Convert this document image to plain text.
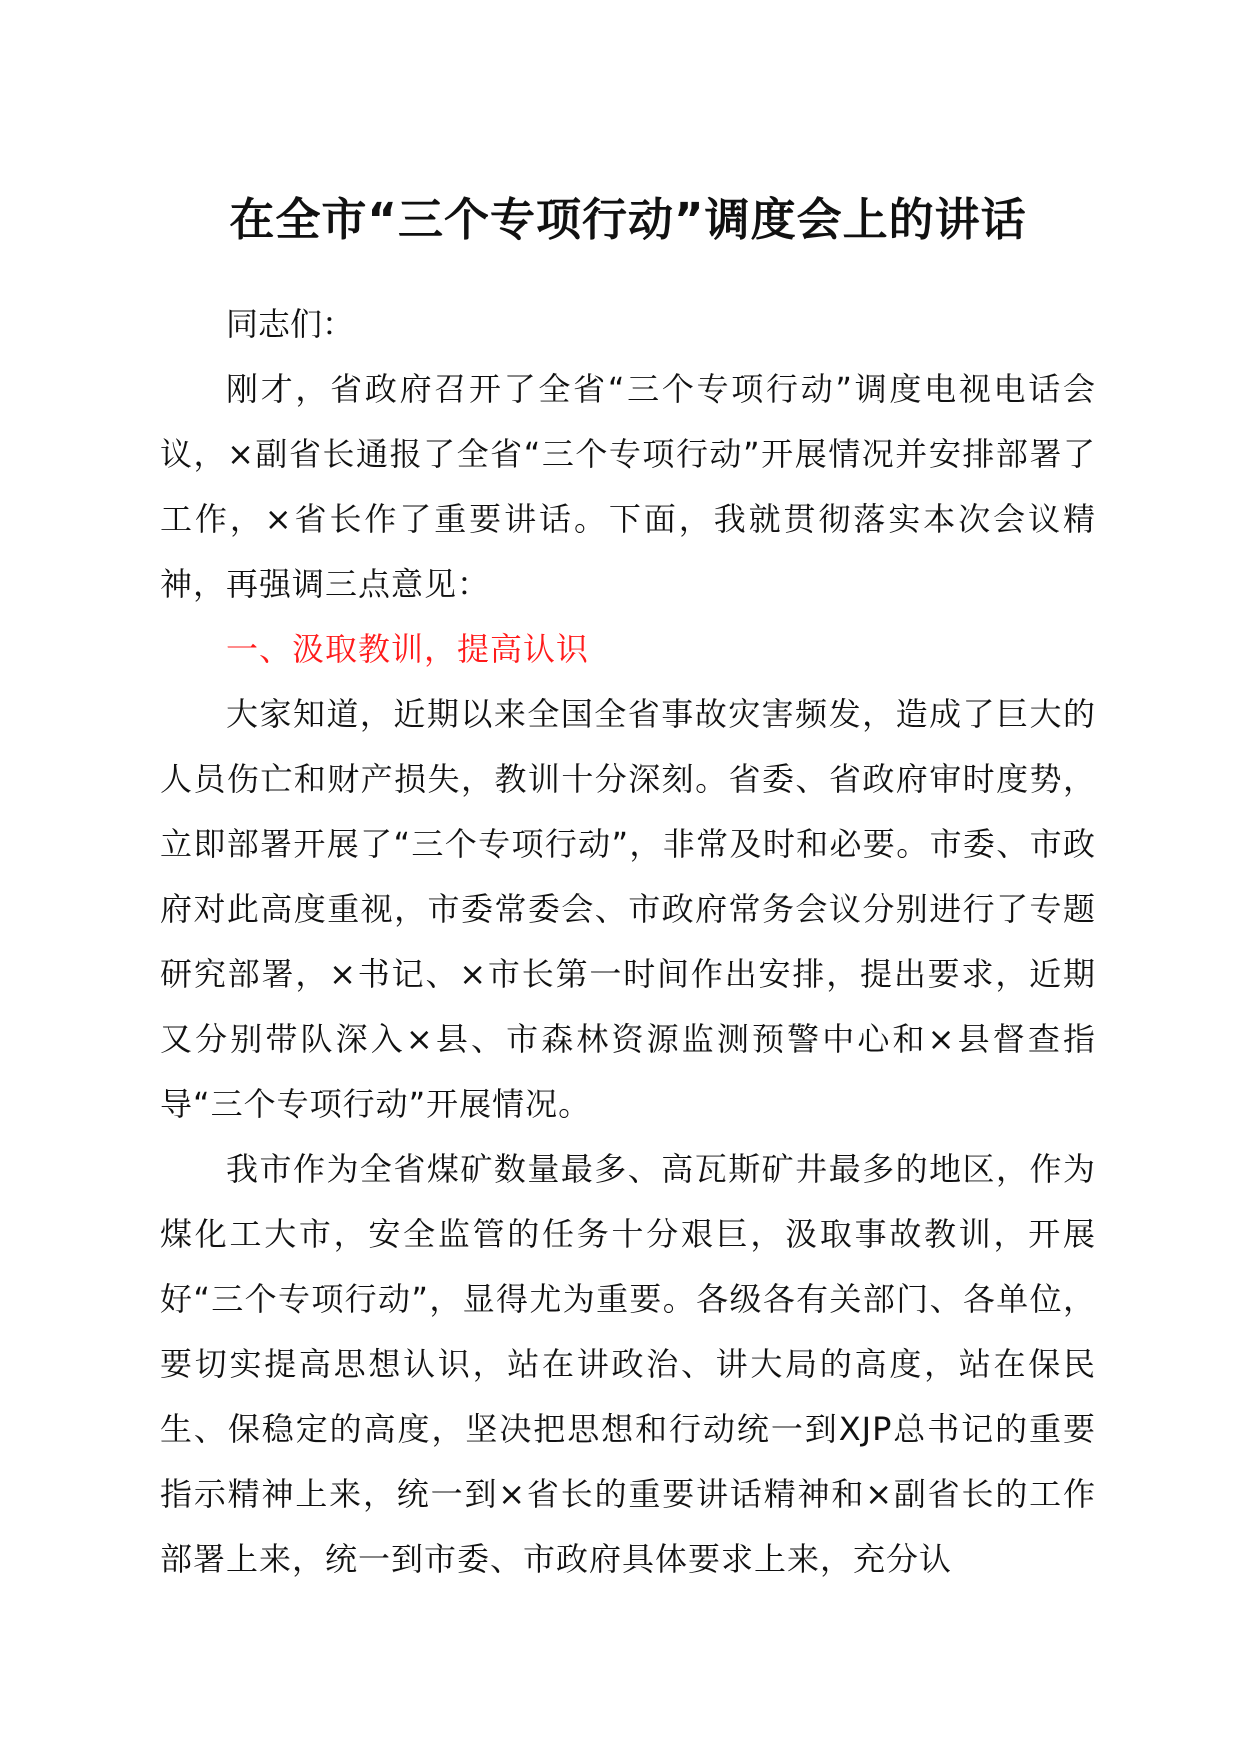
在全市“三个专项行动”调度会上的讲话

同志们：

刚才，省政府召开了全省“三个专项行动”调度电视电话会议，×副省长通报了全省“三个专项行动”开展情况并安排部署了工作，×省长作了重要讲话。下面，我就贯彻落实本次会议精神，再强调三点意见：

一、汲取教训，提高认识

大家知道，近期以来全国全省事故灾害频发，造成了巨大的人员伤亡和财产损失，教训十分深刻。省委、省政府审时度势，立即部署开展了“三个专项行动”，非常及时和必要。市委、市政府对此高度重视，市委常委会、市政府常务会议分别进行了专题研究部署，×书记、×市长第一时间作出安排，提出要求，近期又分别带队深入×县、市森林资源监测预警中心和×县督查指导“三个专项行动”开展情况。

我市作为全省煤矿数量最多、高瓦斯矿井最多的地区，作为煤化工大市，安全监管的任务十分艰巨，汲取事故教训，开展好“三个专项行动”，显得尤为重要。各级各有关部门、各单位，要切实提高思想认识，站在讲政治、讲大局的高度，站在保民生、保稳定的高度，坚决把思想和行动统一到XJP总书记的重要指示精神上来，统一到×省长的重要讲话精神和×副省长的工作部署上来，统一到市委、市政府具体要求上来，充分认
